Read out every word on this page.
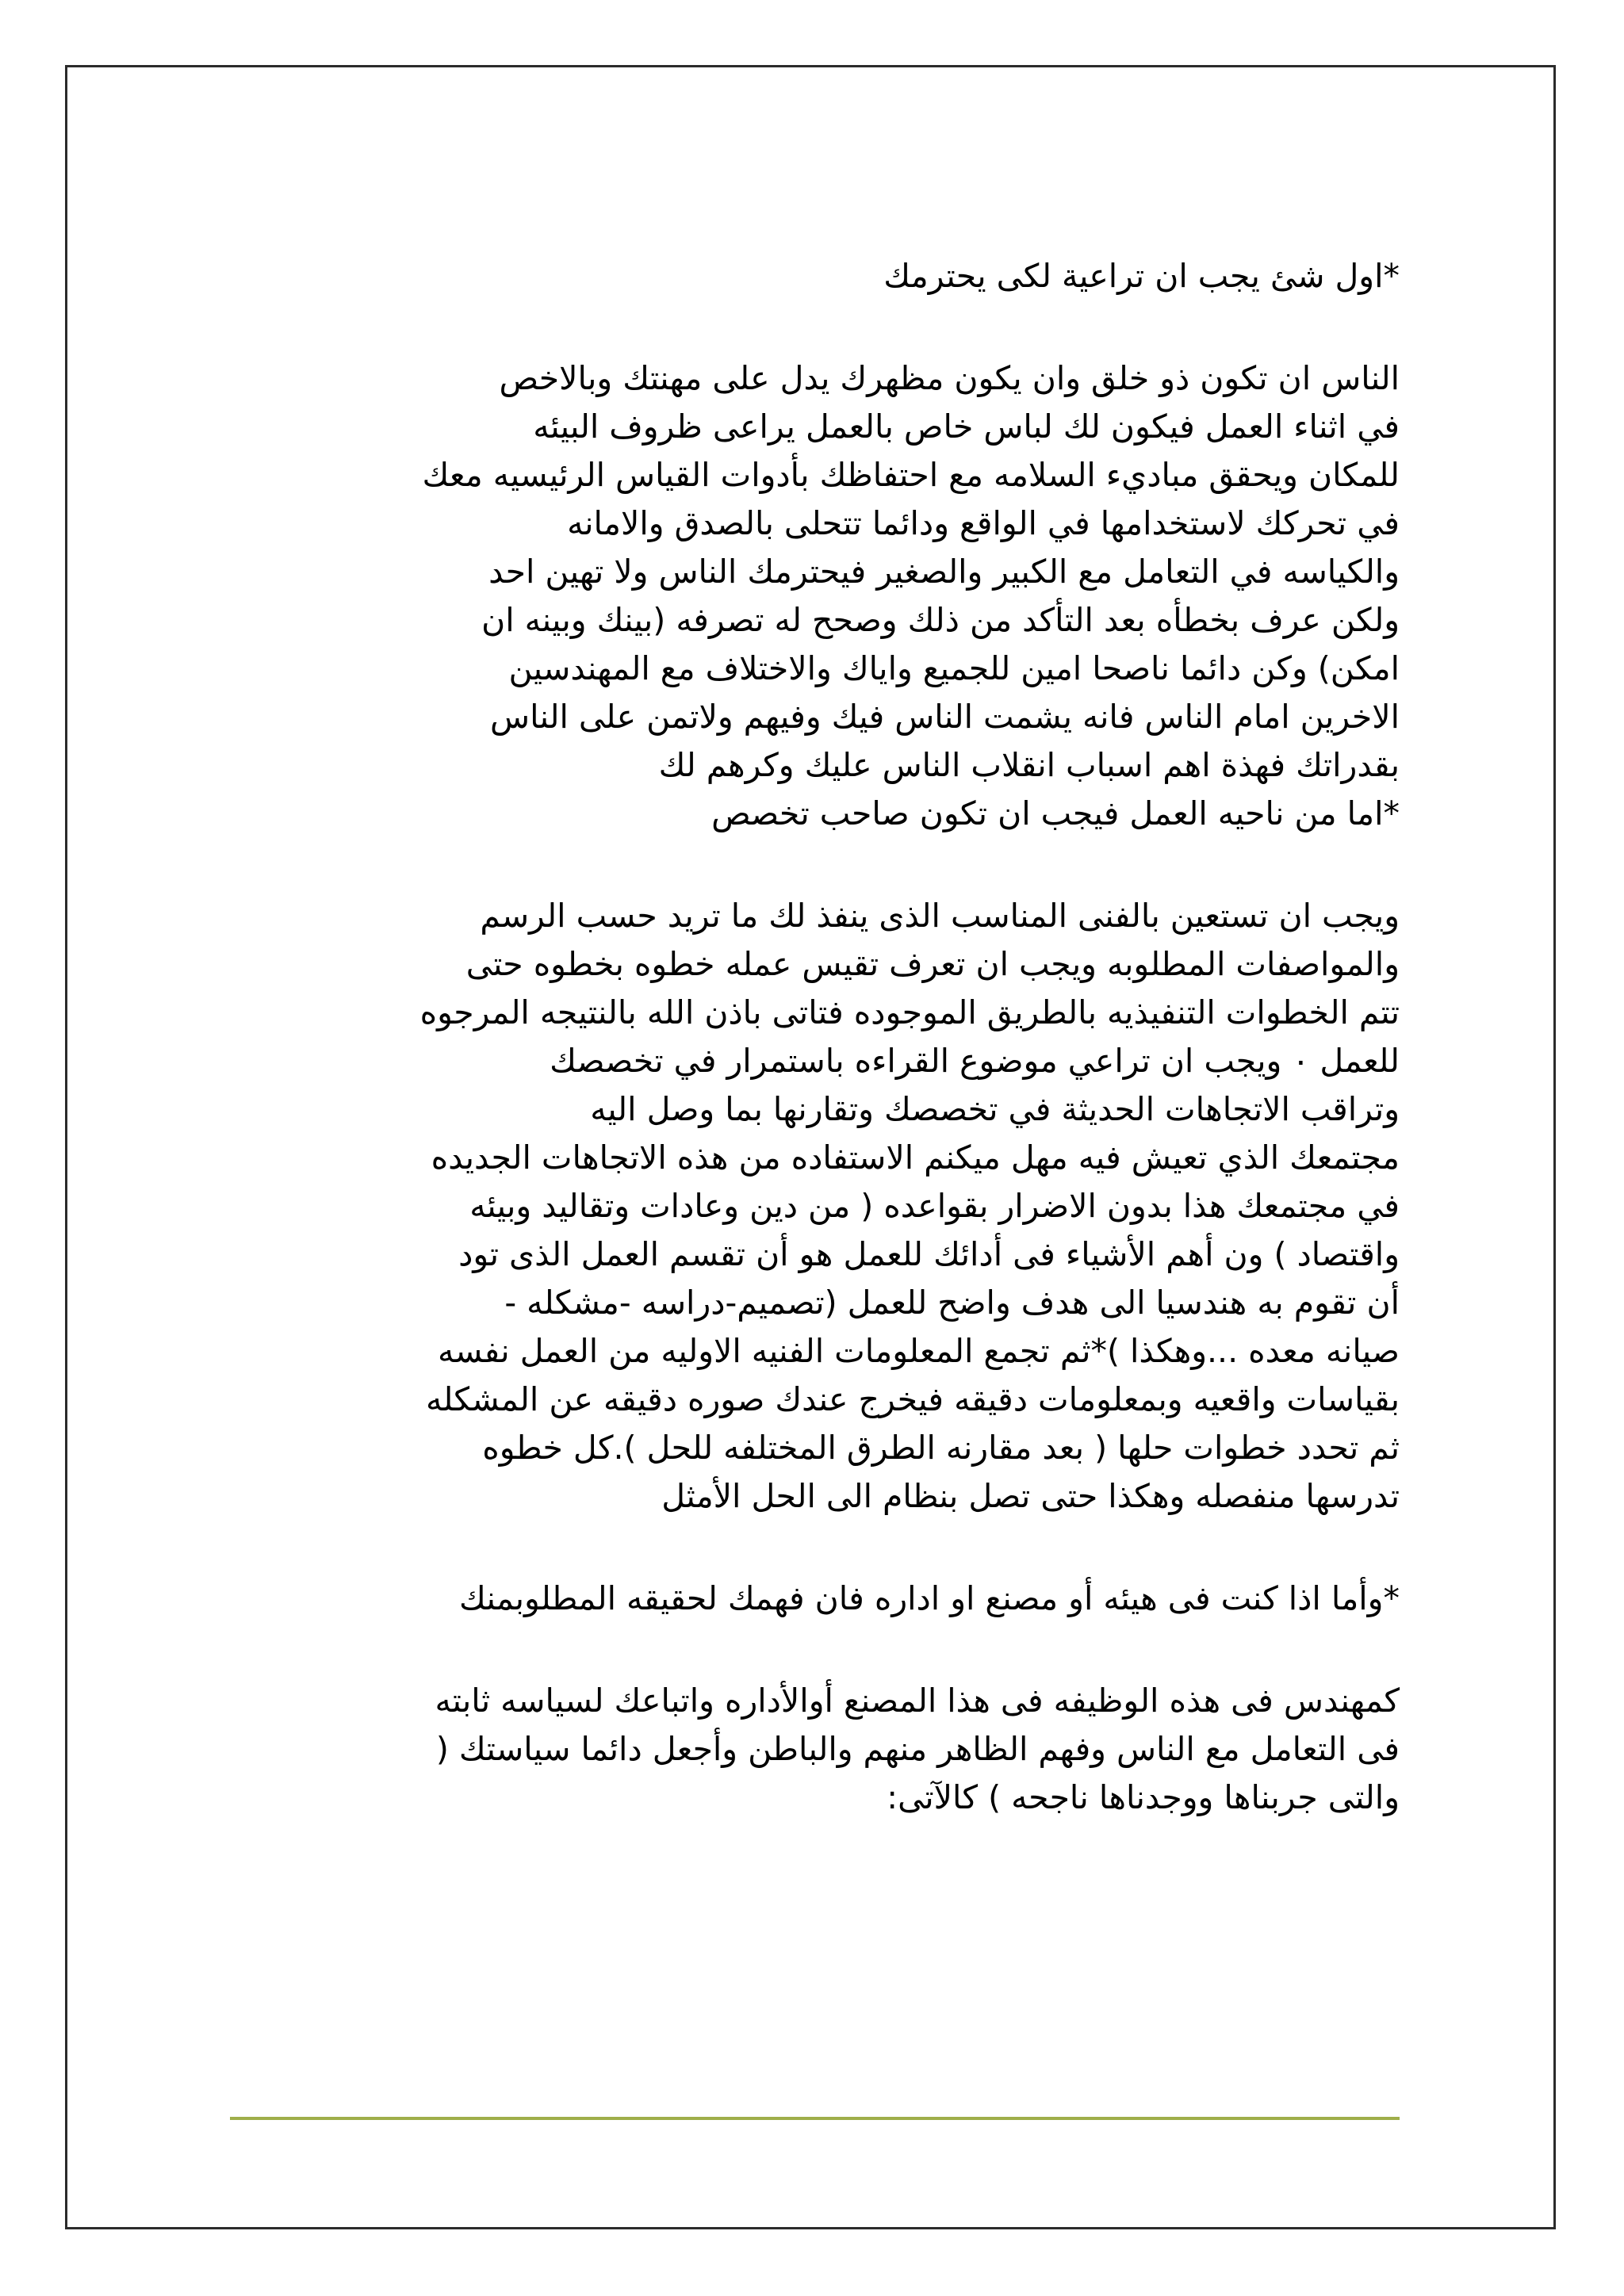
*اول شئ يجب ان تراعية لكى يحترمك
الناس ان تكون ذو خلق وان يكون مظهرك يدل على مهنتك وبالاخص
في اثناء العمل فيكون لك لباس خاص بالعمل يراعى ظروف البيئه
للمكان ويحقق مباديء السلامه مع احتفاظك بأدوات القياس الرئيسيه معك
في تحركك لاستخدامها في الواقع ودائما تتحلى بالصدق والامانه
والكياسه في التعامل مع الكبير والصغير فيحترمك الناس ولا تهين احد
ولكن عرف بخطأه بعد التأكد من ذلك وصحح له تصرفه (بينك وبينه ان
امكن) وكن دائما ناصحا امين للجميع واياك والاختلاف مع المهندسين
الاخرين امام الناس فانه يشمت الناس فيك وفيهم ولاتمن على الناس
بقدراتك فهذة اهم اسباب انقلاب الناس عليك وكرهم لك
*اما من ناحيه العمل فيجب ان تكون صاحب تخصص
ويجب ان تستعين بالفنى المناسب الذى ينفذ لك ما تريد حسب الرسم
والمواصفات المطلوبه ويجب ان تعرف تقيس عمله خطوه بخطوه حتى
تتم الخطوات التنفيذيه بالطريق الموجوده فتاتى باذن الله بالنتيجه المرجوه
للعمل ٠ ويجب ان تراعي موضوع القراءه باستمرار في تخصصك
وتراقب الاتجاهات الحديثة في تخصصك وتقارنها بما وصل اليه
مجتمعك الذي تعيش فيه مهل ميكنم الاستفاده من هذه الاتجاهات الجديده
في مجتمعك هذا بدون الاضرار بقواعده ( من دين وعادات وتقاليد وبيئه
واقتصاد ) ون أهم الأشياء فى أدائك للعمل هو أن تقسم العمل الذى تود
أن تقوم به هندسيا الى هدف واضح للعمل (تصميم-دراسه -مشكله -
صيانه معده ...وهكذا )*ثم تجمع المعلومات الفنيه الاوليه من العمل نفسه
بقياسات واقعيه وبمعلومات دقيقه فيخرج عندك صوره دقيقه عن المشكله
ثم تحدد خطوات حلها ( بعد مقارنه الطرق المختلفه للحل ).كل خطوه
تدرسها منفصله وهكذا حتى تصل بنظام الى الحل الأمثل
*وأما اذا كنت فى هيئه أو مصنع او اداره فان فهمك لحقيقه المطلوبمنك
كمهندس فى هذه الوظيفه فى هذا المصنع أوالأداره واتباعك لسياسه ثابته
فى التعامل مع الناس وفهم الظاهر منهم والباطن وأجعل دائما سياستك (
والتى جربناها ووجدناها ناجحه ) كالآتى:
